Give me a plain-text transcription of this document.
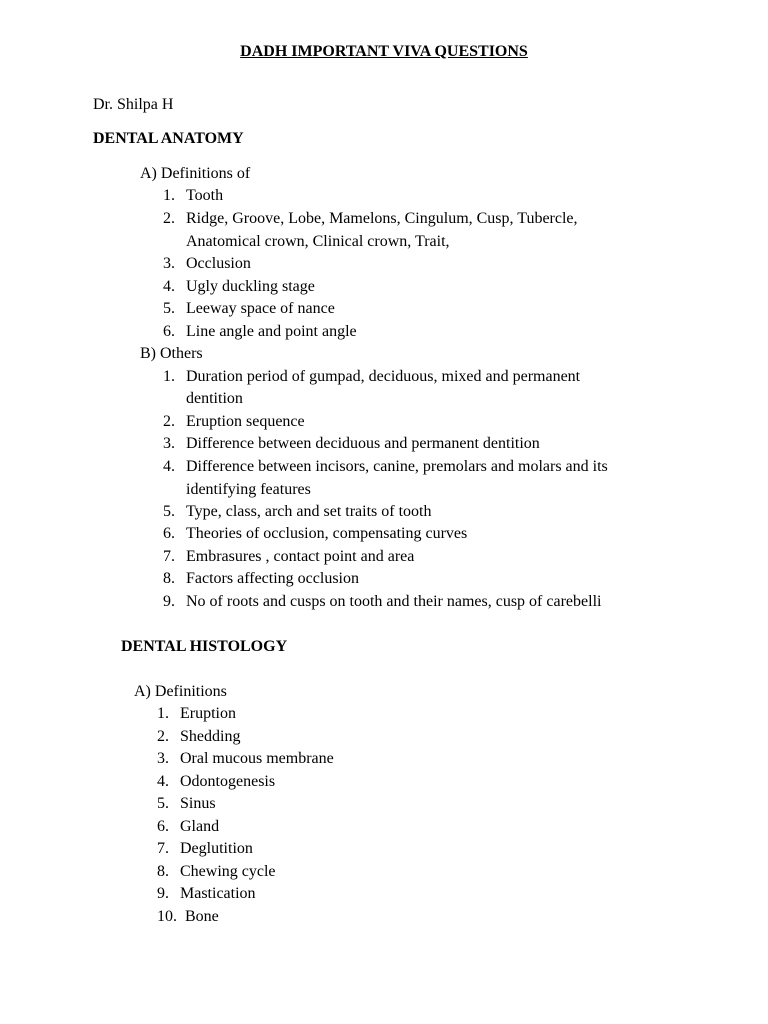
DADH IMPORTANT VIVA QUESTIONS
Dr. Shilpa H
DENTAL ANATOMY
A) Definitions of
1. Tooth
2. Ridge, Groove, Lobe, Mamelons, Cingulum, Cusp, Tubercle,
Anatomical crown, Clinical crown, Trait,
3. Occlusion
4. Ugly duckling stage
5. Leeway space of nance
6. Line angle and point angle
B) Others
1. Duration period of gumpad, deciduous, mixed and permanent
dentition
2. Eruption sequence
3. Difference between deciduous and permanent dentition
4. Difference between incisors, canine, premolars and molars and its
identifying features
5. Type, class, arch and set traits of tooth
6. Theories of occlusion, compensating curves
7. Embrasures , contact point and area
8. Factors affecting occlusion
9. No of roots and cusps on tooth and their names, cusp of carebelli
DENTAL HISTOLOGY
A) Definitions
1. Eruption
2. Shedding
3. Oral mucous membrane
4. Odontogenesis
5. Sinus
6. Gland
7. Deglutition
8. Chewing cycle
9. Mastication
10. Bone
